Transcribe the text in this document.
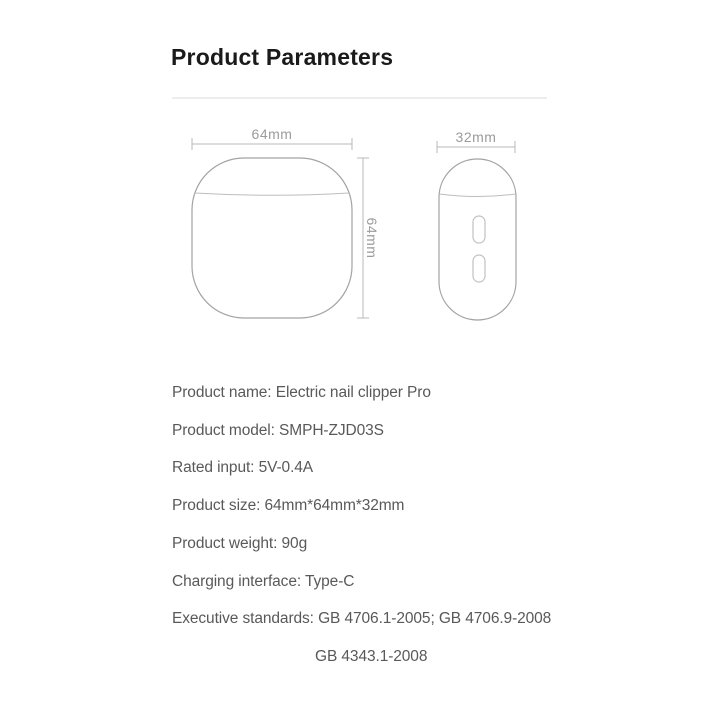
Product Parameters
64mm
64mm
32mm
Product name: Electric nail clipper Pro
Product model: SMPH-ZJD03S
Rated input: 5V-0.4A
Product size: 64mm*64mm*32mm
Product weight: 90g
Charging interface: Type-C
Executive standards: GB 4706.1-2005; GB 4706.9-2008
GB 4343.1-2008
